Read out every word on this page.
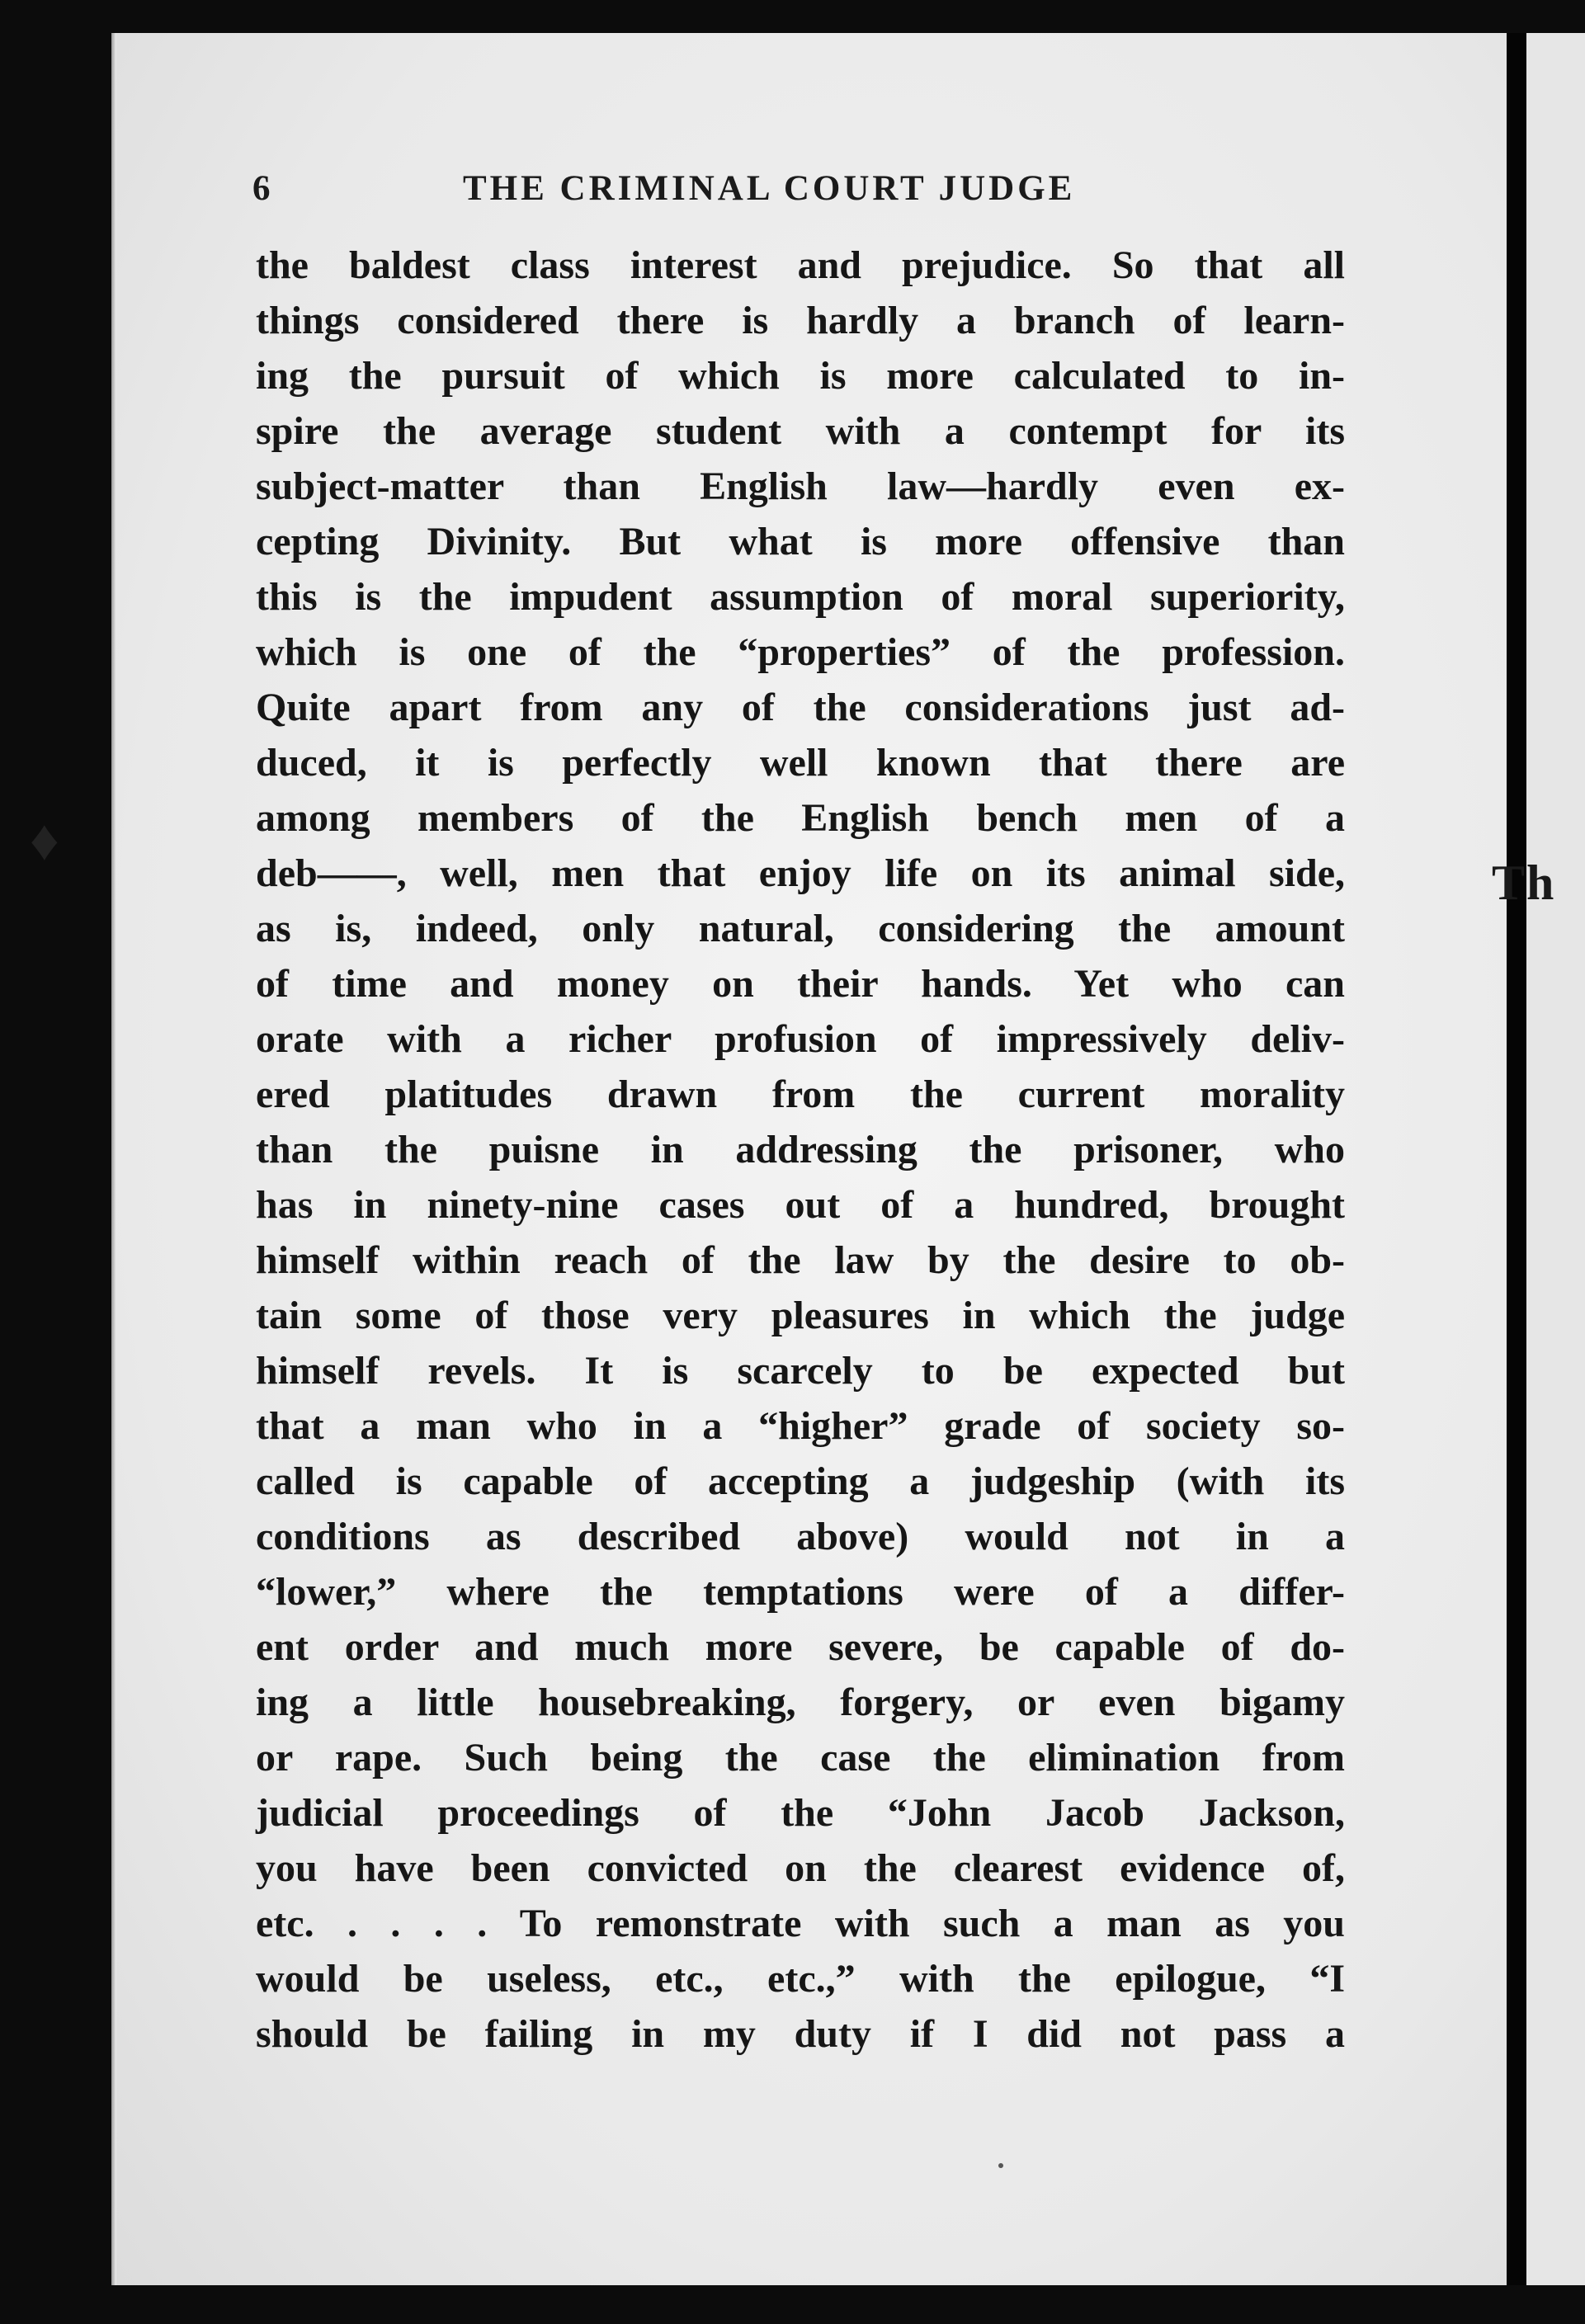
Th
♦
6	THE CRIMINAL COURT JUDGE
the baldest class interest and prejudice. So that all
things considered there is hardly a branch of learn-
ing the pursuit of which is more calculated to in-
spire the average student with a contempt for its
subject-matter than English law—hardly even ex-
cepting Divinity. But what is more offensive than
this is the impudent assumption of moral superiority,
which is one of the “properties” of the profession.
Quite apart from any of the considerations just ad-
duced, it is perfectly well known that there are
among members of the English bench men of a
deb——, well, men that enjoy life on its animal side,
as is, indeed, only natural, considering the amount
of time and money on their hands. Yet who can
orate with a richer profusion of impressively deliv-
ered platitudes drawn from the current morality
than the puisne in addressing the prisoner, who
has in ninety-nine cases out of a hundred, brought
himself within reach of the law by the desire to ob-
tain some of those very pleasures in which the judge
himself revels. It is scarcely to be expected but
that a man who in a “higher” grade of society so-
called is capable of accepting a judgeship (with its
conditions as described above) would not in a
“lower,” where the temptations were of a differ-
ent order and much more severe, be capable of do-
ing a little housebreaking, forgery, or even bigamy
or rape. Such being the case the elimination from
judicial proceedings of the “John Jacob Jackson,
you have been convicted on the clearest evidence of,
etc. . . . . To remonstrate with such a man as you
would be useless, etc., etc.,” with the epilogue, “I
should be failing in my duty if I did not pass a
